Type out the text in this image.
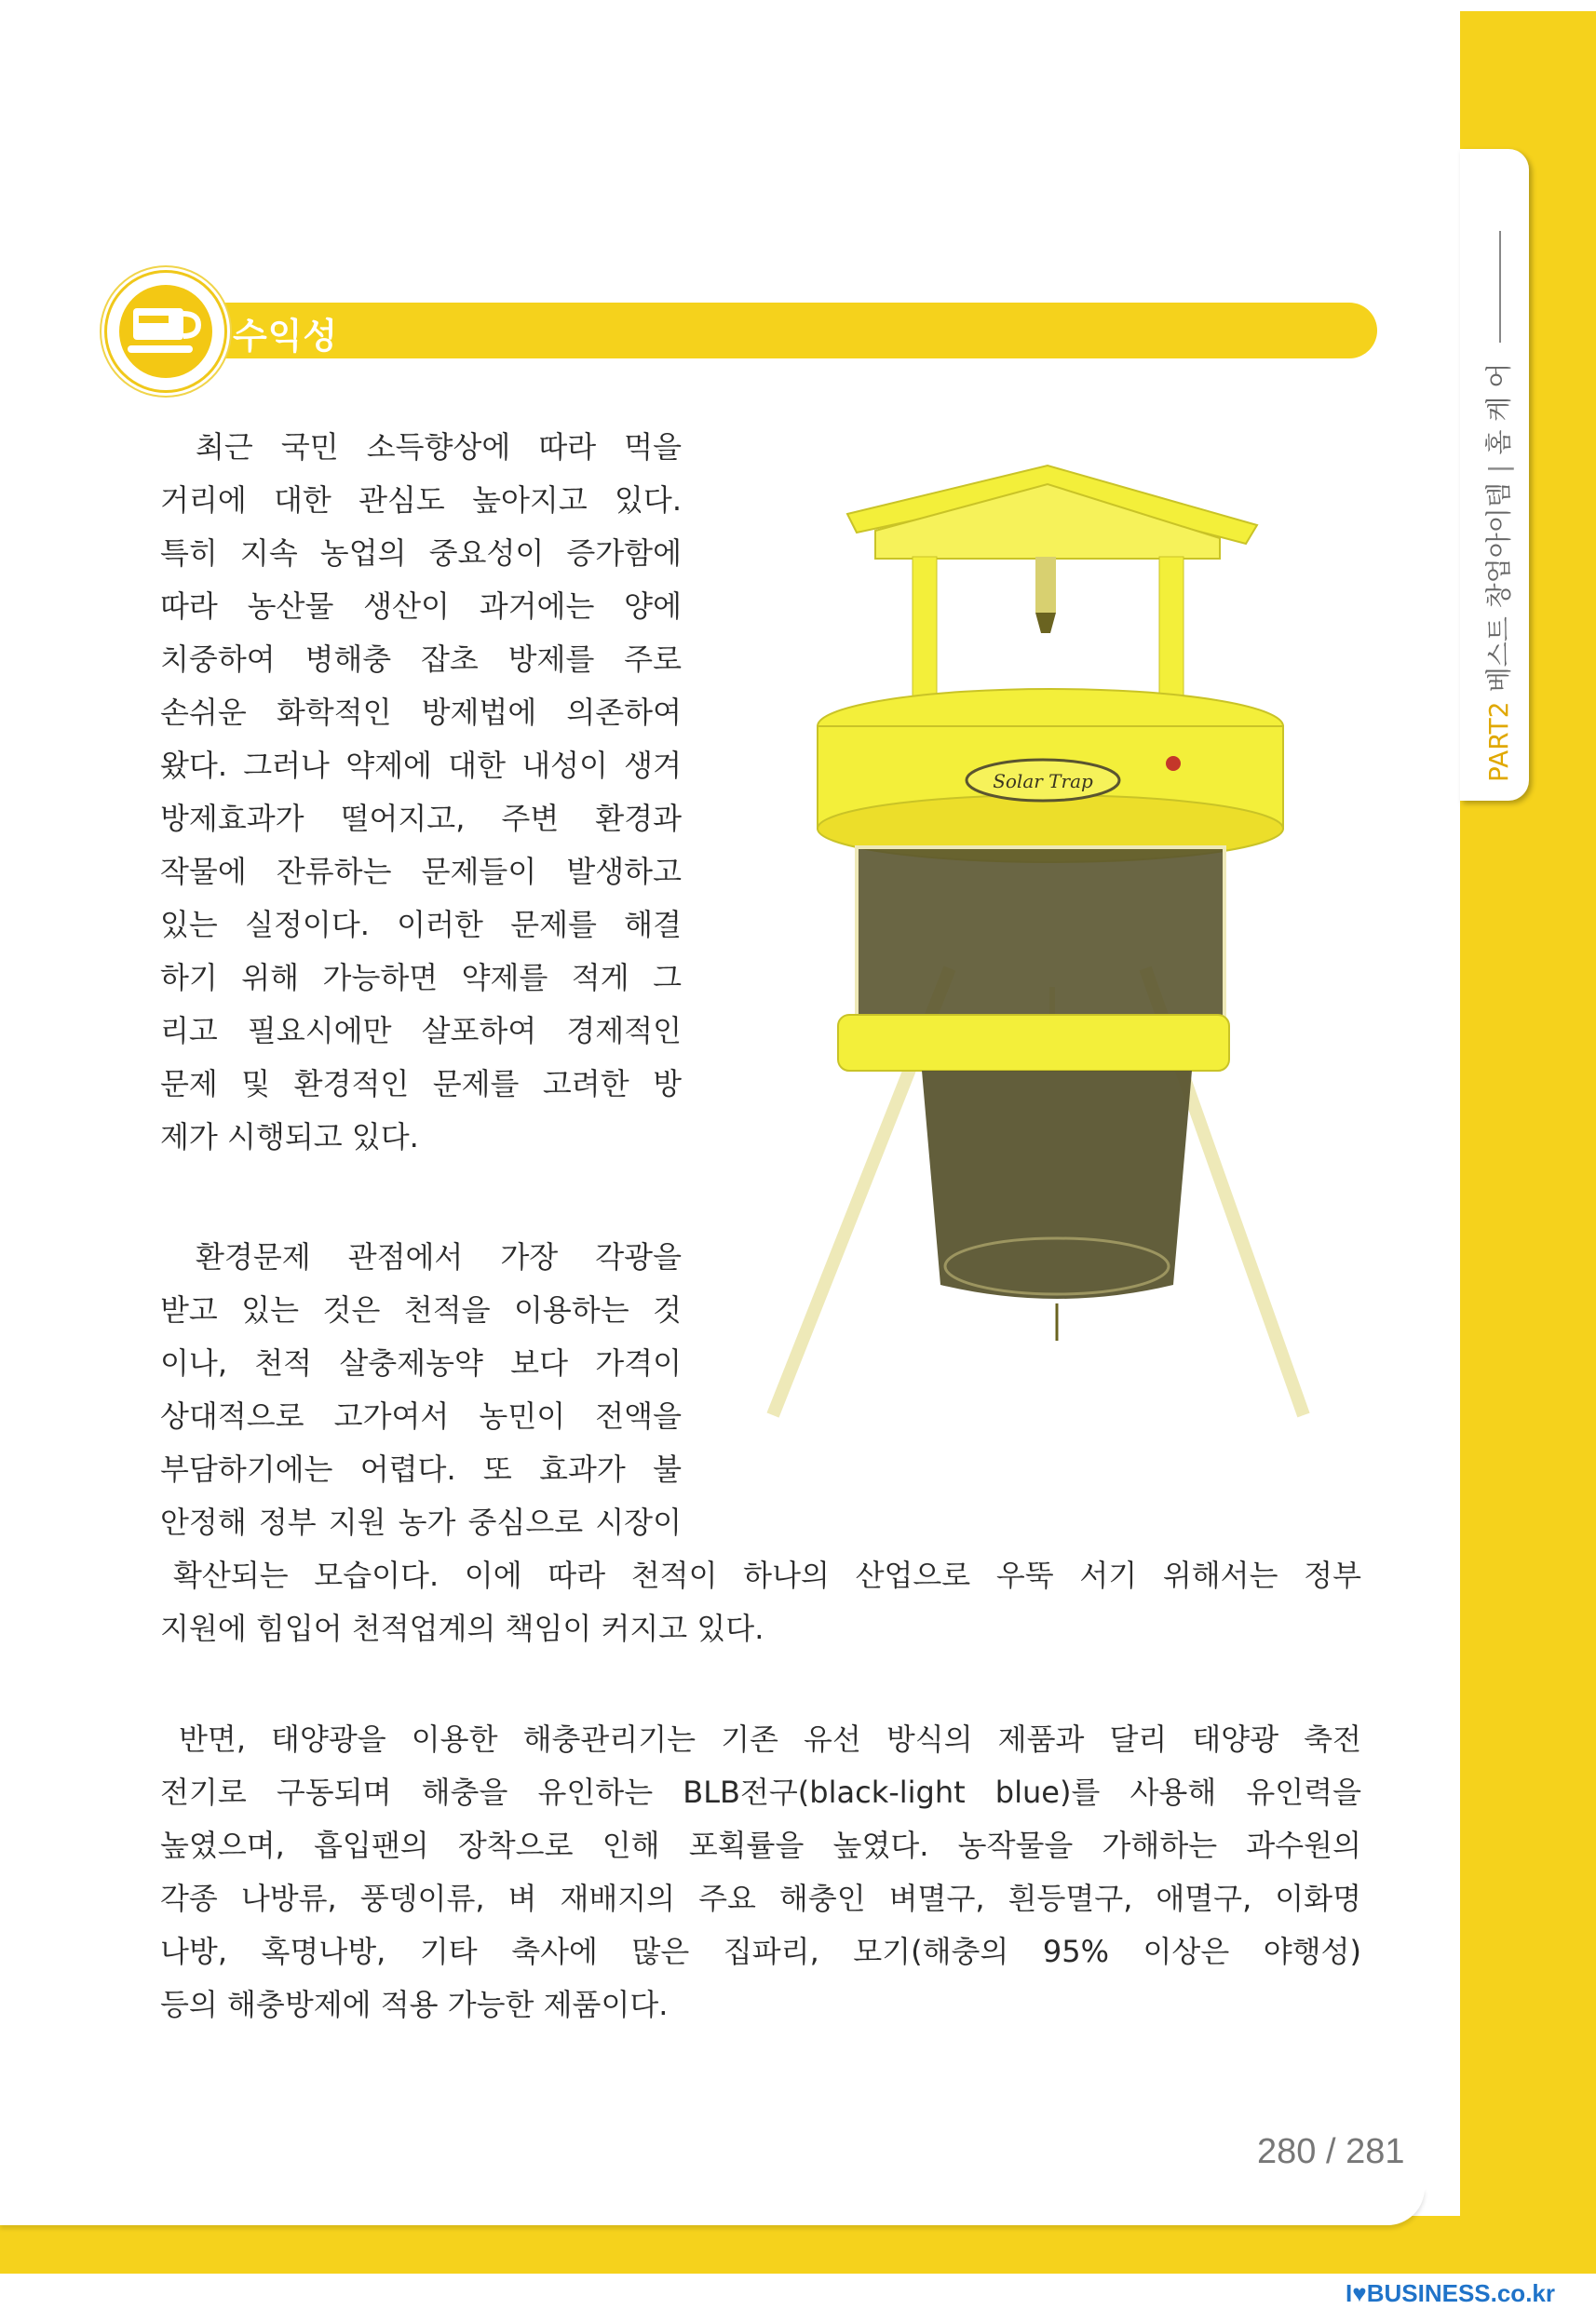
PART2베스트 창업아이템|홈 케 어
수익성
최근 국민 소득향상에 따라 먹을
거리에 대한 관심도 높아지고 있다.
특히 지속 농업의 중요성이 증가함에
따라 농산물 생산이 과거에는 양에
치중하여 병해충 잡초 방제를 주로
손쉬운 화학적인 방제법에 의존하여
왔다. 그러나 약제에 대한 내성이 생겨
방제효과가 떨어지고, 주변 환경과
작물에 잔류하는 문제들이 발생하고
있는 실정이다. 이러한 문제를 해결
하기 위해 가능하면 약제를 적게 그
리고 필요시에만 살포하여 경제적인
문제 및 환경적인 문제를 고려한 방
제가 시행되고 있다.
환경문제 관점에서 가장 각광을
받고 있는 것은 천적을 이용하는 것
이나, 천적 살충제농약 보다 가격이
상대적으로 고가여서 농민이 전액을
부담하기에는 어렵다. 또 효과가 불
안정해 정부 지원 농가 중심으로 시장이
확산되는 모습이다. 이에 따라 천적이 하나의 산업으로 우뚝 서기 위해서는 정부
지원에 힘입어 천적업계의 책임이 커지고 있다.
반면, 태양광을 이용한 해충관리기는 기존 유선 방식의 제품과 달리 태양광 축전
전기로 구동되며 해충을 유인하는 BLB전구(black-light blue)를 사용해 유인력을
높였으며, 흡입팬의 장착으로 인해 포획률을 높였다. 농작물을 가해하는 과수원의
각종 나방류, 풍뎅이류, 벼 재배지의 주요 해충인 벼멸구, 흰등멸구, 애멸구, 이화명
나방, 혹명나방, 기타 축사에 많은 집파리, 모기(해충의 95% 이상은 야행성)
등의 해충방제에 적용 가능한 제품이다.
Solar Trap
280 / 281
I♥BUSINESS.co.kr
